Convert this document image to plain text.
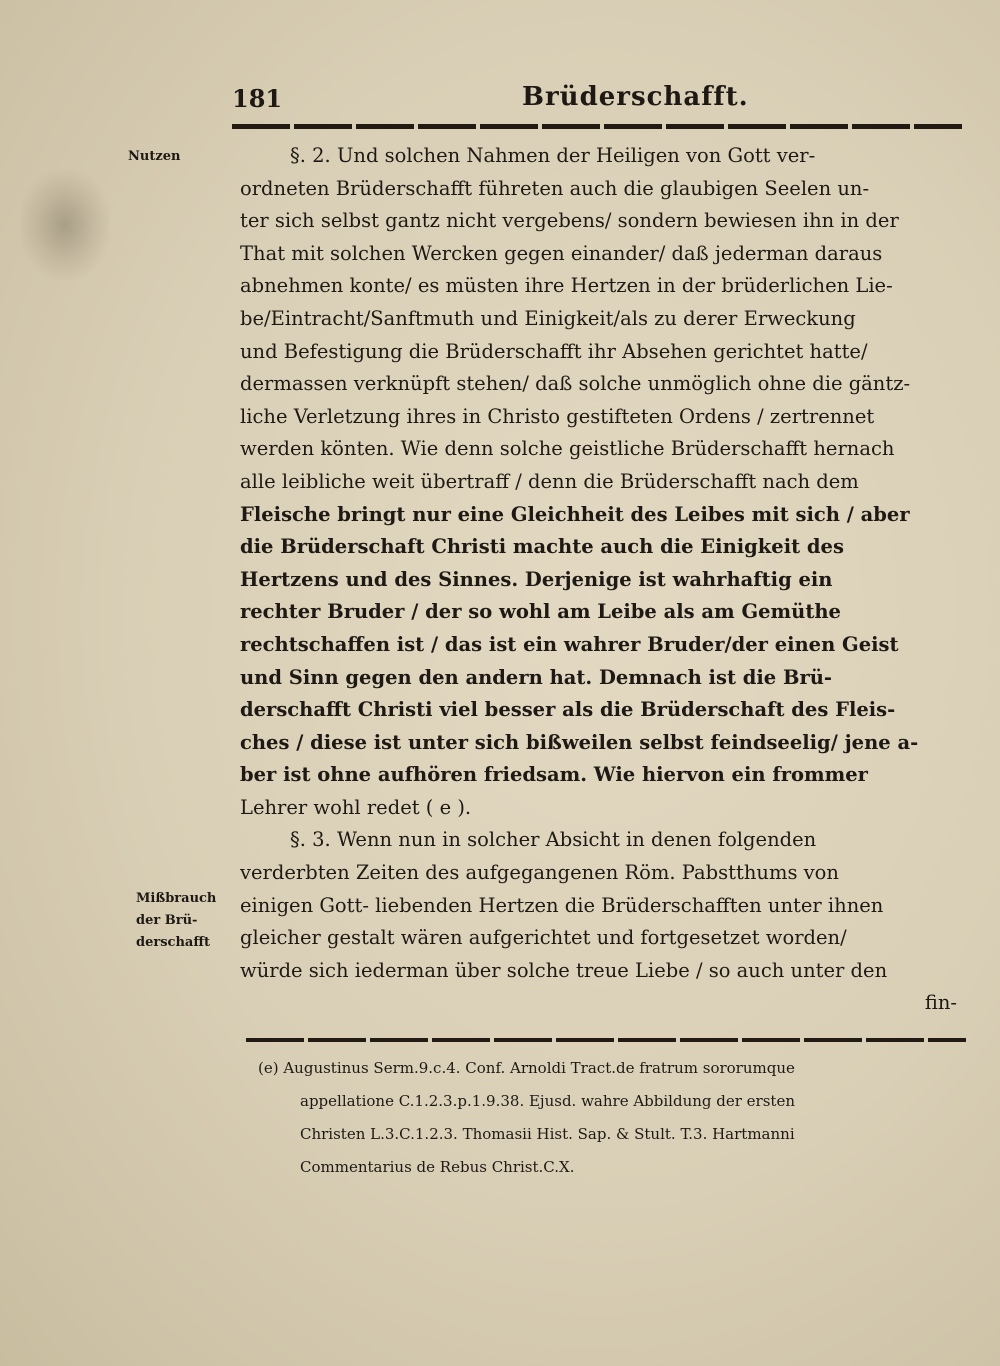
181	Brüderschafft.
Nutzen
Mißbrauch der Brü-derschafft
§. 2. Und solchen Nahmen der Heiligen von Gott ver-
ordneten Brüderschafft führeten auch die glaubigen Seelen un-
ter sich selbst gantz nicht vergebens/ sondern bewiesen ihn in der
That mit solchen Wercken gegen einander/ daß jederman daraus
abnehmen konte/ es müsten ihre Hertzen in der brüderlichen Lie-
be/Eintracht/Sanftmuth und Einigkeit/als zu derer Erweckung
und Befestigung die Brüderschafft ihr Absehen gerichtet hatte/
dermassen verknüpft stehen/ daß solche unmöglich ohne die gäntz-
liche Verletzung ihres in Christo gestifteten Ordens / zertrennet
werden könten. Wie denn solche geistliche Brüderschafft hernach
alle leibliche weit übertraff / denn die Brüderschafft nach dem
Fleische bringt nur eine Gleichheit des Leibes mit sich / aber
die Brüderschaft Christi machte auch die Einigkeit des
Hertzens und des Sinnes. Derjenige ist wahrhaftig ein
rechter Bruder / der so wohl am Leibe als am Gemüthe
rechtschaffen ist / das ist ein wahrer Bruder/der einen Geist
und Sinn gegen den andern hat. Demnach ist die Brü-
derschafft Christi viel besser als die Brüderschaft des Fleis-
ches / diese ist unter sich bißweilen selbst feindseelig/ jene a-
ber ist ohne aufhören friedsam. Wie hiervon ein frommer
Lehrer wohl redet ( e ).
§. 3. Wenn nun in solcher Absicht in denen folgenden
verderbten Zeiten des aufgegangenen Röm. Pabstthums von
einigen Gott- liebenden Hertzen die Brüderschafften unter ihnen
gleicher gestalt wären aufgerichtet und fortgesetzet worden/
würde sich iederman über solche treue Liebe / so auch unter den
fin-
(e) Augustinus Serm.9.c.4. Conf. Arnoldi Tract.de fratrum sororumque
appellatione C.1.2.3.p.1.9.38. Ejusd. wahre Abbildung der ersten
Christen L.3.C.1.2.3. Thomasii Hist. Sap. & Stult. T.3. Hartmanni
Commentarius de Rebus Christ.C.X.
